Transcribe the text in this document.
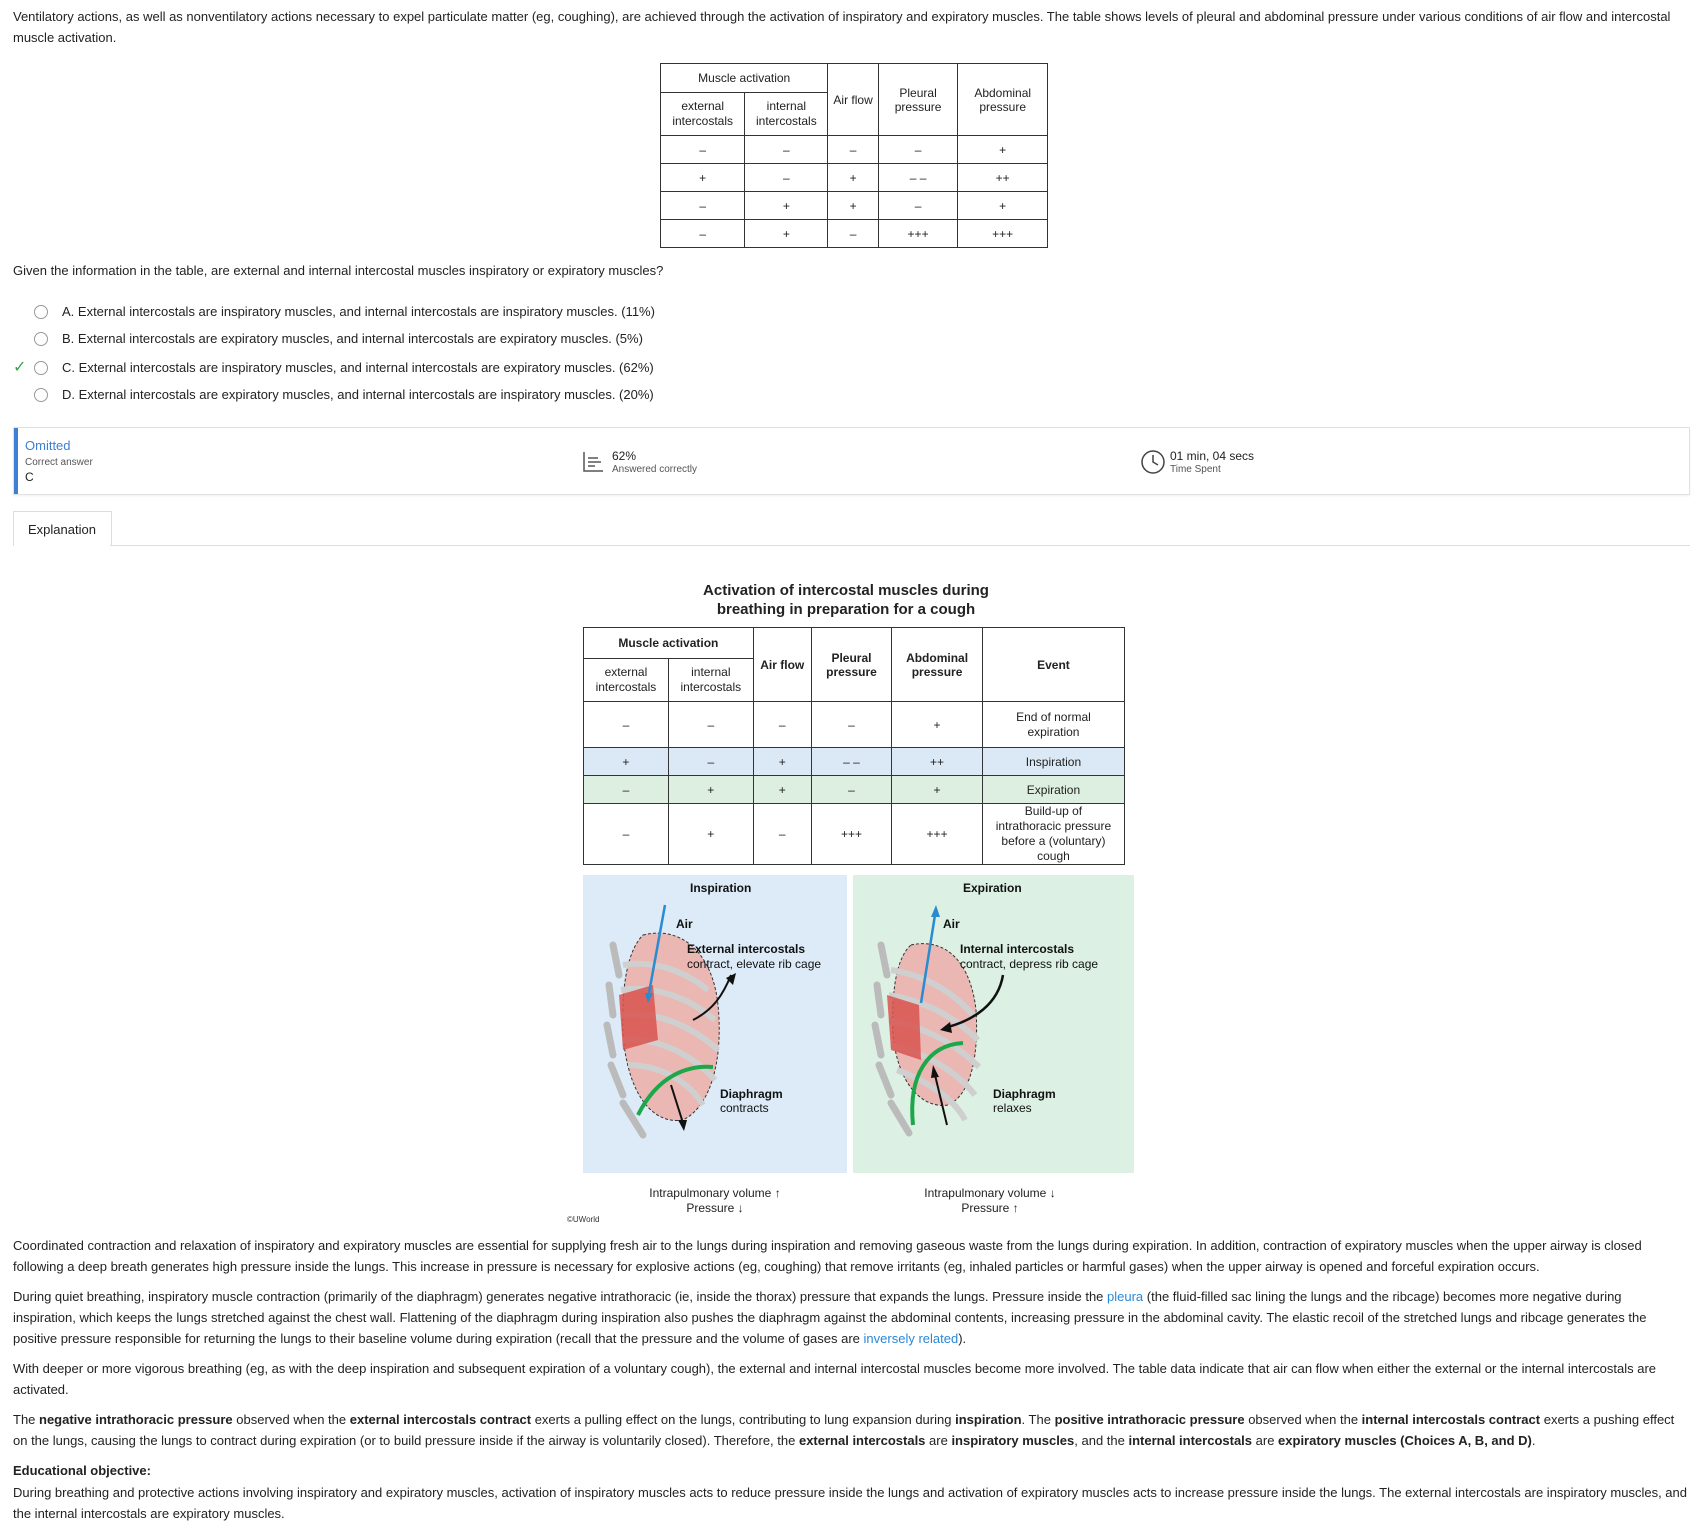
Ventilatory actions, as well as nonventilatory actions necessary to expel particulate matter (eg, coughing), are achieved through the activation of inspiratory and expiratory muscles. The table shows levels of pleural and abdominal pressure under various conditions of air flow and intercostal muscle activation.
Muscle activation		Air flow	Pleural pressure	Abdominal pressure
external intercostals	internal intercostals			
–	–	–	–	+
+	–	+	– –	++
–	+	+	–	+
–	+	–	+++	+++
Given the information in the table, are external and internal intercostal muscles inspiratory or expiratory muscles?
A. External intercostals are inspiratory muscles, and internal intercostals are inspiratory muscles. (11%)
B. External intercostals are expiratory muscles, and internal intercostals are expiratory muscles. (5%)
✓	C. External intercostals are inspiratory muscles, and internal intercostals are expiratory muscles. (62%)
D. External intercostals are expiratory muscles, and internal intercostals are inspiratory muscles. (20%)
Omitted
Correct answer
C
62%
Answered correctly
01 min, 04 secs
Time Spent
Explanation
Activation of intercostal muscles during
breathing in preparation for a cough
Muscle activation		Air flow	Pleural pressure	Abdominal pressure	Event
external intercostals	internal intercostals				
–	–	–	–	+	End of normal expiration
+	–	+	– –	++	Inspiration
–	+	+	–	+	Expiration
–	+	–	+++	+++	Build-up of intrathoracic pressure before a (voluntary) cough
Inspiration
Air
External intercostals
contract, elevate rib cage
Diaphragm
contracts
Expiration
Air
Internal intercostals
contract, depress rib cage
Diaphragm
relaxes
Intrapulmonary volume ↑
Pressure ↓
Intrapulmonary volume ↓
Pressure ↑
©UWorld

Coordinated contraction and relaxation of inspiratory and expiratory muscles are essential for supplying fresh air to the lungs during inspiration and removing gaseous waste from the lungs during expiration. In addition, contraction of expiratory muscles when the upper airway is closed following a deep breath generates high pressure inside the lungs. This increase in pressure is necessary for explosive actions (eg, coughing) that remove irritants (eg, inhaled particles or harmful gases) when the upper airway is opened and forceful expiration occurs.

During quiet breathing, inspiratory muscle contraction (primarily of the diaphragm) generates negative intrathoracic (ie, inside the thorax) pressure that expands the lungs. Pressure inside the pleura (the fluid-filled sac lining the lungs and the ribcage) becomes more negative during inspiration, which keeps the lungs stretched against the chest wall. Flattening of the diaphragm during inspiration also pushes the diaphragm against the abdominal contents, increasing pressure in the abdominal cavity. The elastic recoil of the stretched lungs and ribcage generates the positive pressure responsible for returning the lungs to their baseline volume during expiration (recall that the pressure and the volume of gases are inversely related).

With deeper or more vigorous breathing (eg, as with the deep inspiration and subsequent expiration of a voluntary cough), the external and internal intercostal muscles become more involved. The table data indicate that air can flow when either the external or the internal intercostals are activated.

The negative intrathoracic pressure observed when the external intercostals contract exerts a pulling effect on the lungs, contributing to lung expansion during inspiration. The positive intrathoracic pressure observed when the internal intercostals contract exerts a pushing effect on the lungs, causing the lungs to contract during expiration (or to build pressure inside if the airway is voluntarily closed). Therefore, the external intercostals are inspiratory muscles, and the internal intercostals are expiratory muscles (Choices A, B, and D).

Educational objective:

During breathing and protective actions involving inspiratory and expiratory muscles, activation of inspiratory muscles acts to reduce pressure inside the lungs and activation of expiratory muscles acts to increase pressure inside the lungs. The external intercostals are inspiratory muscles, and the internal intercostals are expiratory muscles.
